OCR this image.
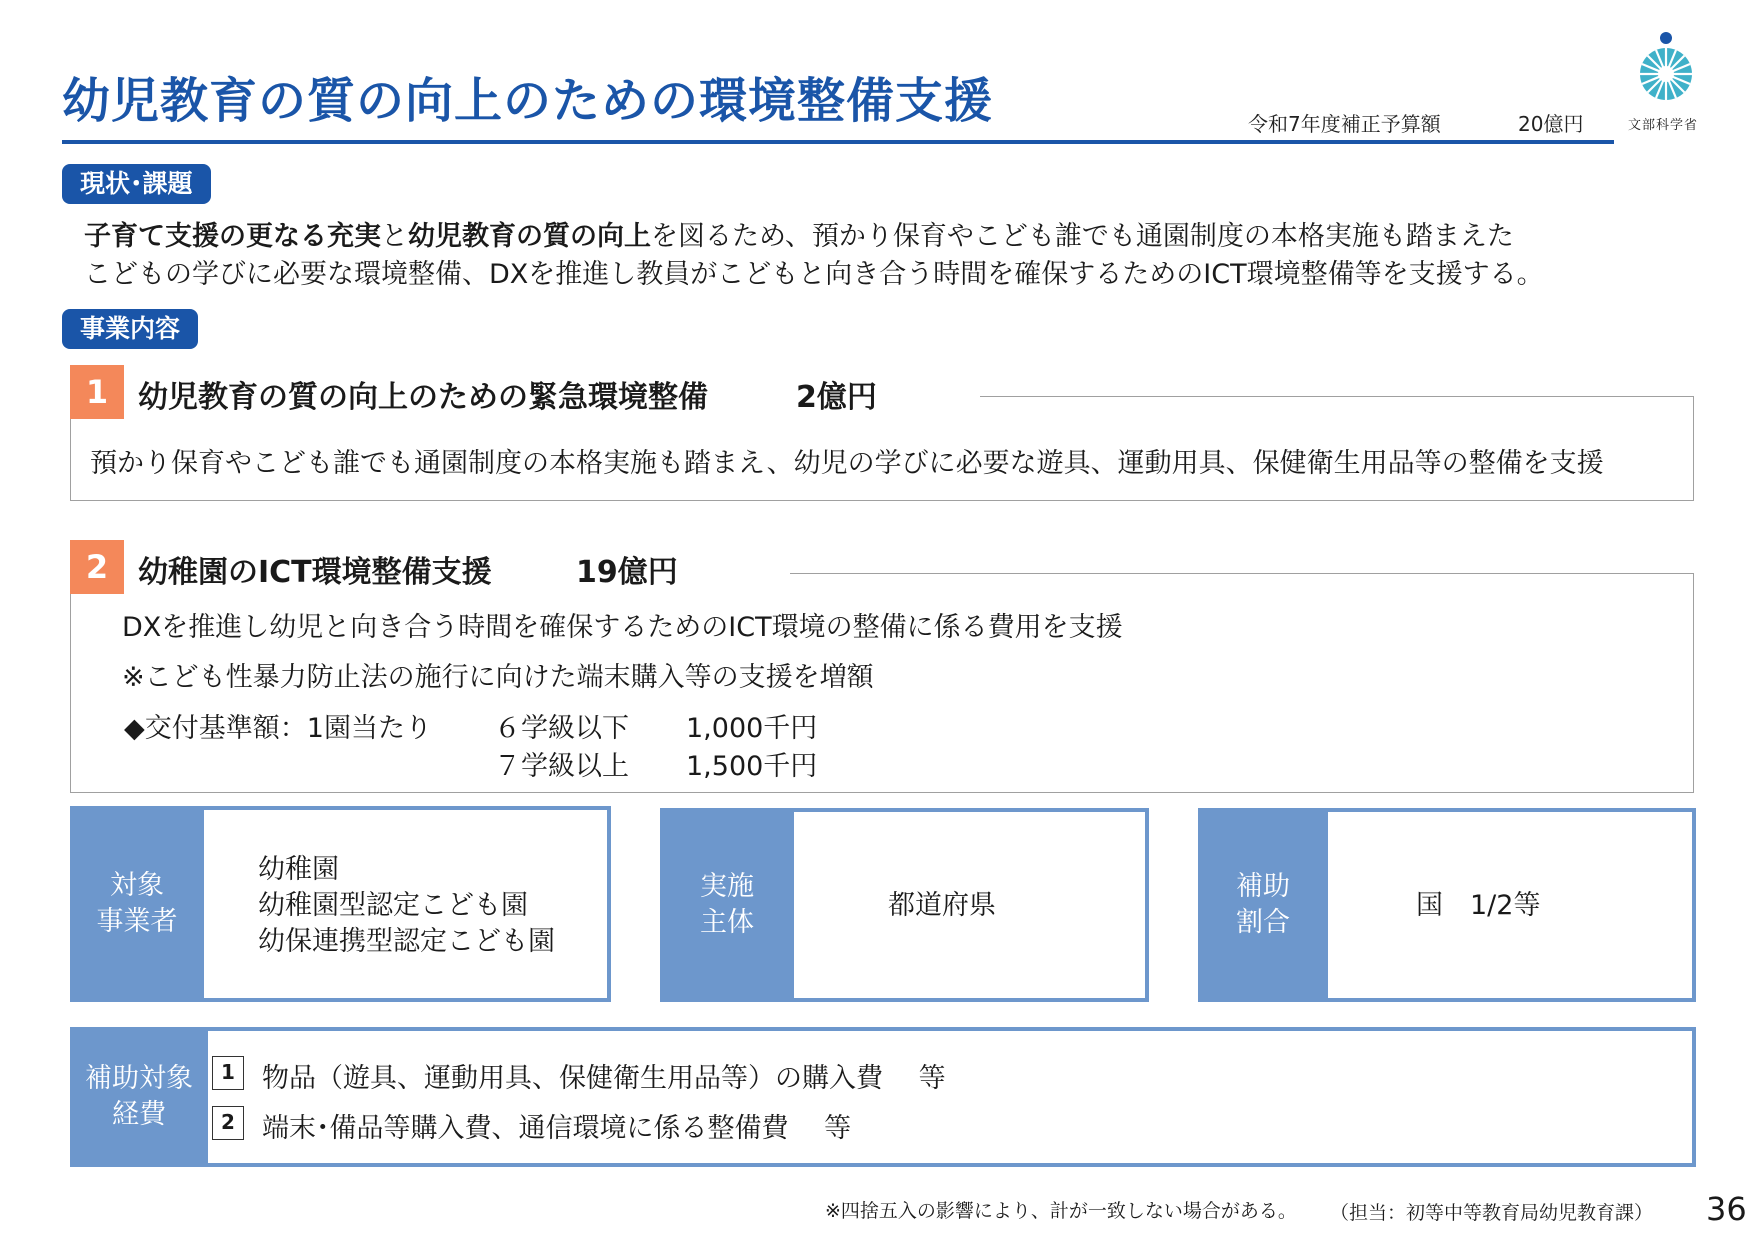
幼児教育の質の向上のための環境整備支援	令和7年度補正予算額	20億円	文部科学省
現状･課題
子育て支援の更なる充実と幼児教育の質の向上を図るため、預かり保育やこども誰でも通園制度の本格実施も踏まえた
こどもの学びに必要な環境整備、DXを推進し教員がこどもと向き合う時間を確保するためのICT環境整備等を支援する。
事業内容
1 幼児教育の質の向上のための緊急環境整備	2億円
預かり保育やこども誰でも通園制度の本格実施も踏まえ、幼児の学びに必要な遊具、運動用具、保健衛生用品等の整備を支援
2 幼稚園のICT環境整備支援	19億円
DXを推進し幼児と向き合う時間を確保するためのICT環境の整備に係る費用を支援
※こども性暴力防止法の施行に向けた端末購入等の支援を増額
◆交付基準額：1園当たり ６学級以下 1,000千円
７学級以上 1,500千円
対象
事業者
幼稚園
幼稚園型認定こども園
幼保連携型認定こども園
実施
主体
都道府県
補助
割合
国　1/2等
補助対象
経費
1	物品（遊具、運動用具、保健衛生用品等）の購入費　 等
2	端末･備品等購入費、通信環境に係る整備費　 等
※四捨五入の影響により、計が一致しない場合がある。 （担当：初等中等教育局幼児教育課） 36
